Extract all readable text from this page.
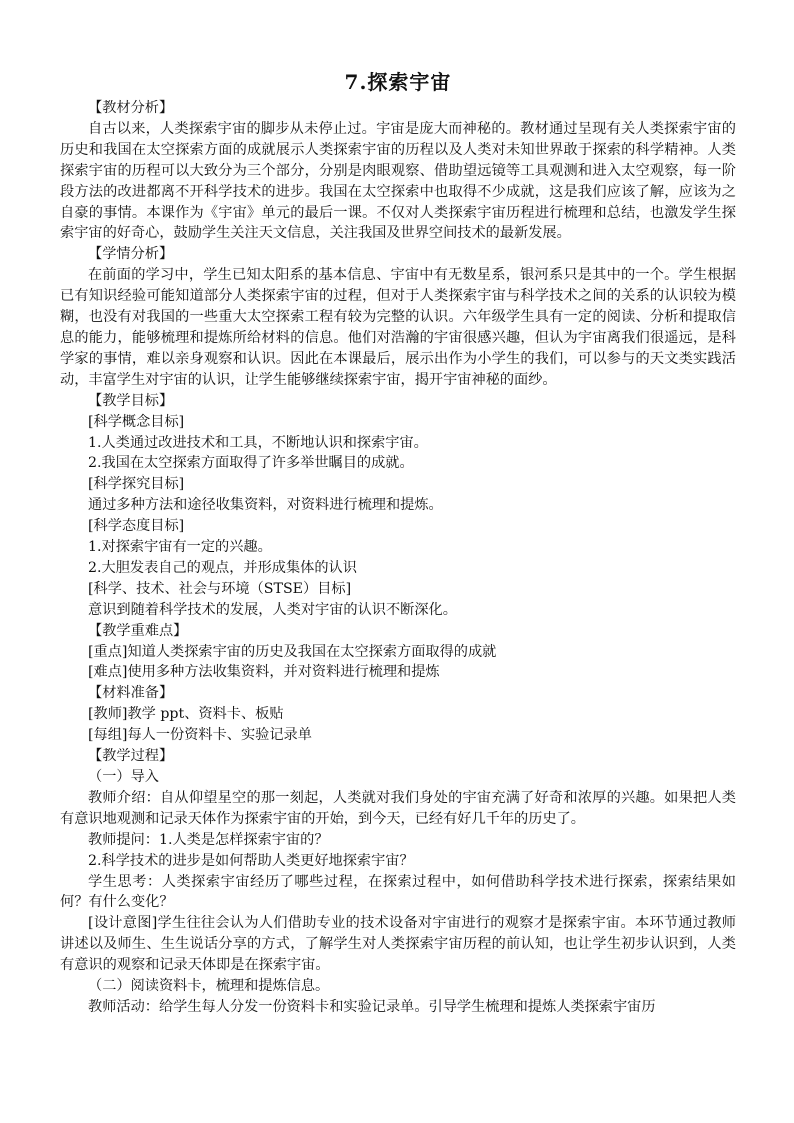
7.探索宇宙
【教材分析】
自古以来，人类探索宇宙的脚步从未停止过。宇宙是庞大而神秘的。教材通过呈现有关人类探索宇宙的历史和我国在太空探索方面的成就展示人类探索宇宙的历程以及人类对未知世界敢于探索的科学精神。人类探索宇宙的历程可以大致分为三个部分，分别是肉眼观察、借助望远镜等工具观测和进入太空观察，每一阶段方法的改进都离不开科学技术的进步。我国在太空探索中也取得不少成就，这是我们应该了解，应该为之自豪的事情。本课作为《宇宙》单元的最后一课。不仅对人类探索宇宙历程进行梳理和总结，也激发学生探索宇宙的好奇心，鼓励学生关注天文信息，关注我国及世界空间技术的最新发展。
【学情分析】
在前面的学习中，学生已知太阳系的基本信息、宇宙中有无数星系，银河系只是其中的一个。学生根据已有知识经验可能知道部分人类探索宇宙的过程，但对于人类探索宇宙与科学技术之间的关系的认识较为模糊，也没有对我国的一些重大太空探索工程有较为完整的认识。六年级学生具有一定的阅读、分析和提取信息的能力，能够梳理和提炼所给材料的信息。他们对浩瀚的宇宙很感兴趣，但认为宇宙离我们很遥远，是科学家的事情，难以亲身观察和认识。因此在本课最后，展示出作为小学生的我们，可以参与的天文类实践活动，丰富学生对宇宙的认识，让学生能够继续探索宇宙，揭开宇宙神秘的面纱。
【教学目标】
[科学概念目标]
1.人类通过改进技术和工具，不断地认识和探索宇宙。
2.我国在太空探索方面取得了许多举世瞩目的成就。
[科学探究目标]
通过多种方法和途径收集资料，对资料进行梳理和提炼。
[科学态度目标]
1.对探索宇宙有一定的兴趣。
2.大胆发表自己的观点，并形成集体的认识
[科学、技术、社会与环境（STSE）目标]
意识到随着科学技术的发展，人类对宇宙的认识不断深化。
【教学重难点】
[重点]知道人类探索宇宙的历史及我国在太空探索方面取得的成就
[难点]使用多种方法收集资料，并对资料进行梳理和提炼
【材料准备】
[教师]教学 ppt、资料卡、板贴
[每组]每人一份资料卡、实验记录单
【教学过程】
（一）导入
教师介绍：自从仰望星空的那一刻起，人类就对我们身处的宇宙充满了好奇和浓厚的兴趣。如果把人类有意识地观测和记录天体作为探索宇宙的开始，到今天，已经有好几千年的历史了。
教师提问：1.人类是怎样探索宇宙的？
2.科学技术的进步是如何帮助人类更好地探索宇宙？
学生思考：人类探索宇宙经历了哪些过程，在探索过程中，如何借助科学技术进行探索，探索结果如何？有什么变化？
[设计意图]学生往往会认为人们借助专业的技术设备对宇宙进行的观察才是探索宇宙。本环节通过教师讲述以及师生、生生说话分享的方式，了解学生对人类探索宇宙历程的前认知，也让学生初步认识到，人类有意识的观察和记录天体即是在探索宇宙。
（二）阅读资料卡，梳理和提炼信息。
教师活动：给学生每人分发一份资料卡和实验记录单。引导学生梳理和提炼人类探索宇宙历
